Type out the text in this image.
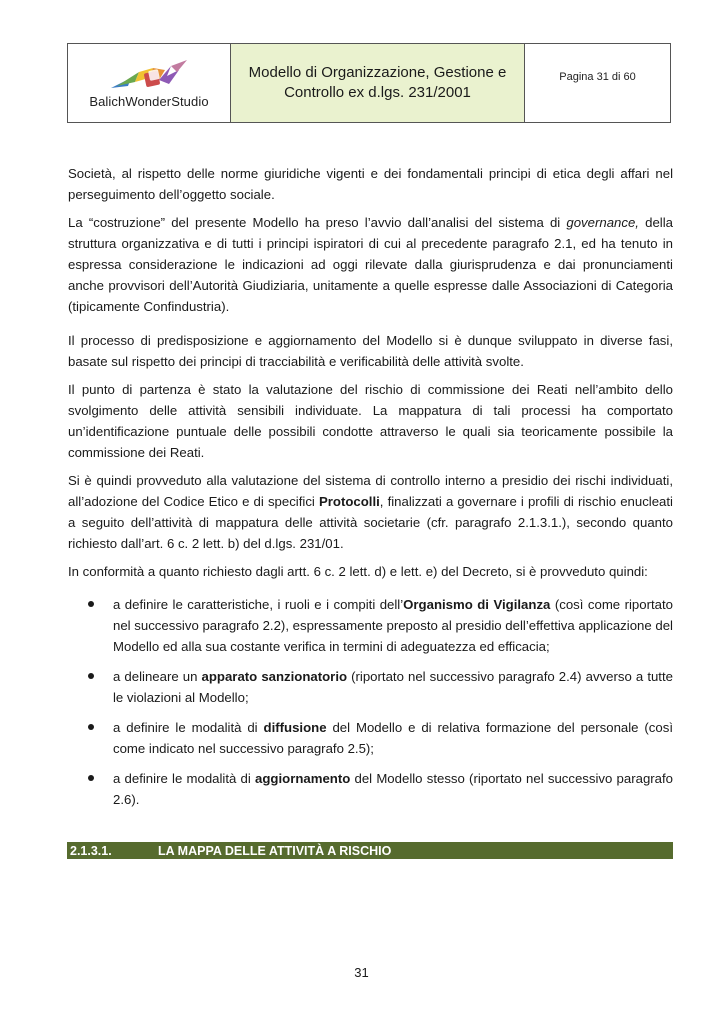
BalichWonderStudio
Modello di Organizzazione, Gestione e
Controllo ex d.lgs. 231/2001
Pagina 31 di 60

Società, al rispetto delle norme giuridiche vigenti e dei fondamentali principi di etica degli affari nel perseguimento dell’oggetto sociale.

La “costruzione” del presente Modello ha preso l’avvio dall’analisi del sistema di governance, della struttura organizzativa e di tutti i principi ispiratori di cui al precedente paragrafo 2.1, ed ha tenuto in espressa considerazione le indicazioni ad oggi rilevate dalla giurisprudenza e dai pronunciamenti anche provvisori dell’Autorità Giudiziaria, unitamente a quelle espresse dalle Associazioni di Categoria (tipicamente Confindustria).

Il processo di predisposizione e aggiornamento del Modello si è dunque sviluppato in diverse fasi, basate sul rispetto dei principi di tracciabilità e verificabilità delle attività svolte.

Il punto di partenza è stato la valutazione del rischio di commissione dei Reati nell’ambito dello svolgimento delle attività sensibili individuate. La mappatura di tali processi ha comportato un’identificazione puntuale delle possibili condotte attraverso le quali sia teoricamente possibile la commissione dei Reati.

Si è quindi provveduto alla valutazione del sistema di controllo interno a presidio dei rischi individuati, all’adozione del Codice Etico e di specifici Protocolli, finalizzati a governare i profili di rischio enucleati a seguito dell’attività di mappatura delle attività societarie (cfr. paragrafo 2.1.3.1.), secondo quanto richiesto dall’art. 6 c. 2 lett. b) del d.lgs. 231/01.

In conformità a quanto richiesto dagli artt. 6 c. 2 lett. d) e lett. e) del Decreto, si è provveduto quindi:

a definire le caratteristiche, i ruoli e i compiti dell’Organismo di Vigilanza (così come riportato nel successivo paragrafo 2.2), espressamente preposto al presidio dell’effettiva applicazione del Modello ed alla sua costante verifica in termini di adeguatezza ed efficacia;
a delineare un apparato sanzionatorio (riportato nel successivo paragrafo 2.4) avverso a tutte le violazioni al Modello;
a definire le modalità di diffusione del Modello e di relativa formazione del personale (così come indicato nel successivo paragrafo 2.5);
a definire le modalità di aggiornamento del Modello stesso (riportato nel successivo paragrafo 2.6).
2.1.3.1.	LA MAPPA DELLE ATTIVITÀ A RISCHIO
31
